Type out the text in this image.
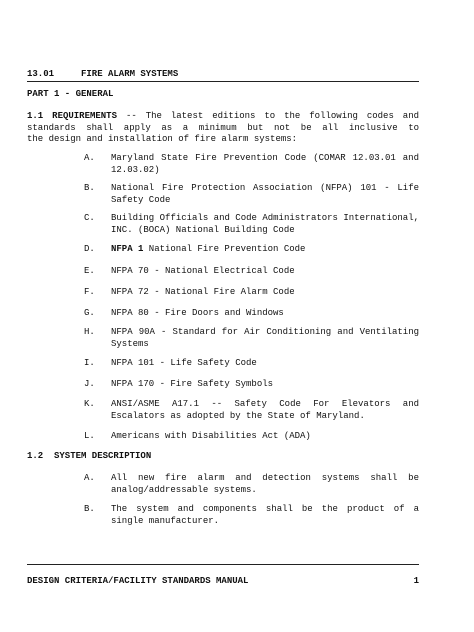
13.01	FIRE ALARM SYSTEMS
PART 1 - GENERAL
1.1 REQUIREMENTS -- The latest editions to the following codes and
standards shall apply as a minimum but not be all inclusive to
the design and installation of fire alarm systems:
A. Maryland State Fire Prevention Code (COMAR 12.03.01 and
12.03.02)
B. National Fire Protection Association (NFPA) 101 - Life
Safety Code
C. Building Officials and Code Administrators International,
INC. (BOCA) National Building Code
D. NFPA 1 National Fire Prevention Code
E. NFPA 70 - National Electrical Code
F. NFPA 72 - National Fire Alarm Code
G. NFPA 80 - Fire Doors and Windows
H. NFPA 90A - Standard for Air Conditioning and Ventilating
Systems
I. NFPA 101 - Life Safety Code
J. NFPA 170 - Fire Safety Symbols
K. ANSI/ASME A17.1 -- Safety Code For Elevators and
Escalators as adopted by the State of Maryland.
L. Americans with Disabilities Act (ADA)
1.2 SYSTEM DESCRIPTION
A. All new fire alarm and detection systems shall be
analog/addressable systems.
B. The system and components shall be the product of a
single manufacturer.
DESIGN CRITERIA/FACILITY STANDARDS MANUAL	1
